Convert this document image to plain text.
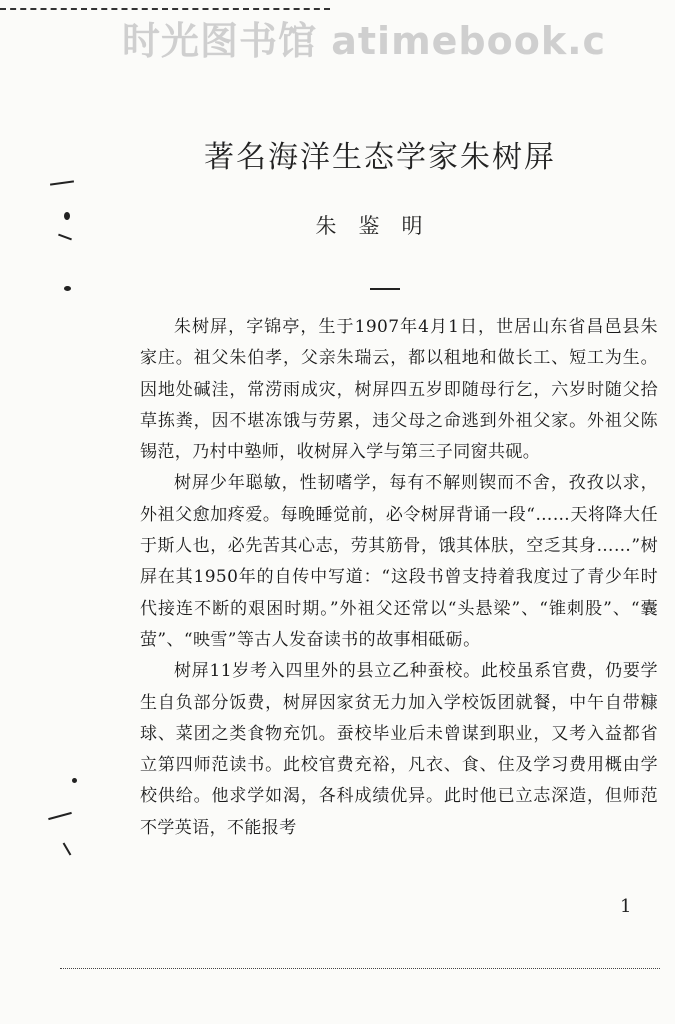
时光图书馆 atimebook.c
著名海洋生态学家朱树屏
朱鉴明

朱树屏，字锦亭，生于1907年4月1日，世居山东省昌邑县朱家庄。祖父朱伯孝，父亲朱瑞云，都以租地和做长工、短工为生。因地处碱洼，常涝雨成灾，树屏四五岁即随母行乞，六岁时随父拾草拣粪，因不堪冻饿与劳累，违父母之命逃到外祖父家。外祖父陈锡范，乃村中塾师，收树屏入学与第三子同窗共砚。

树屏少年聪敏，性韧嗜学，每有不解则锲而不舍，孜孜以求，外祖父愈加疼爱。每晚睡觉前，必令树屏背诵一段“……天将降大任于斯人也，必先苦其心志，劳其筋骨，饿其体肤，空乏其身……”树屏在其1950年的自传中写道：“这段书曾支持着我度过了青少年时代接连不断的艰困时期。”外祖父还常以“头悬梁”、“锥刺股”、“囊萤”、“映雪”等古人发奋读书的故事相砥砺。

树屏11岁考入四里外的县立乙种蚕校。此校虽系官费，仍要学生自负部分饭费，树屏因家贫无力加入学校饭团就餐，中午自带糠球、菜团之类食物充饥。蚕校毕业后未曾谋到职业，又考入益都省立第四师范读书。此校官费充裕，凡衣、食、住及学习费用概由学校供给。他求学如渴，各科成绩优异。此时他已立志深造，但师范不学英语，不能报考

1
